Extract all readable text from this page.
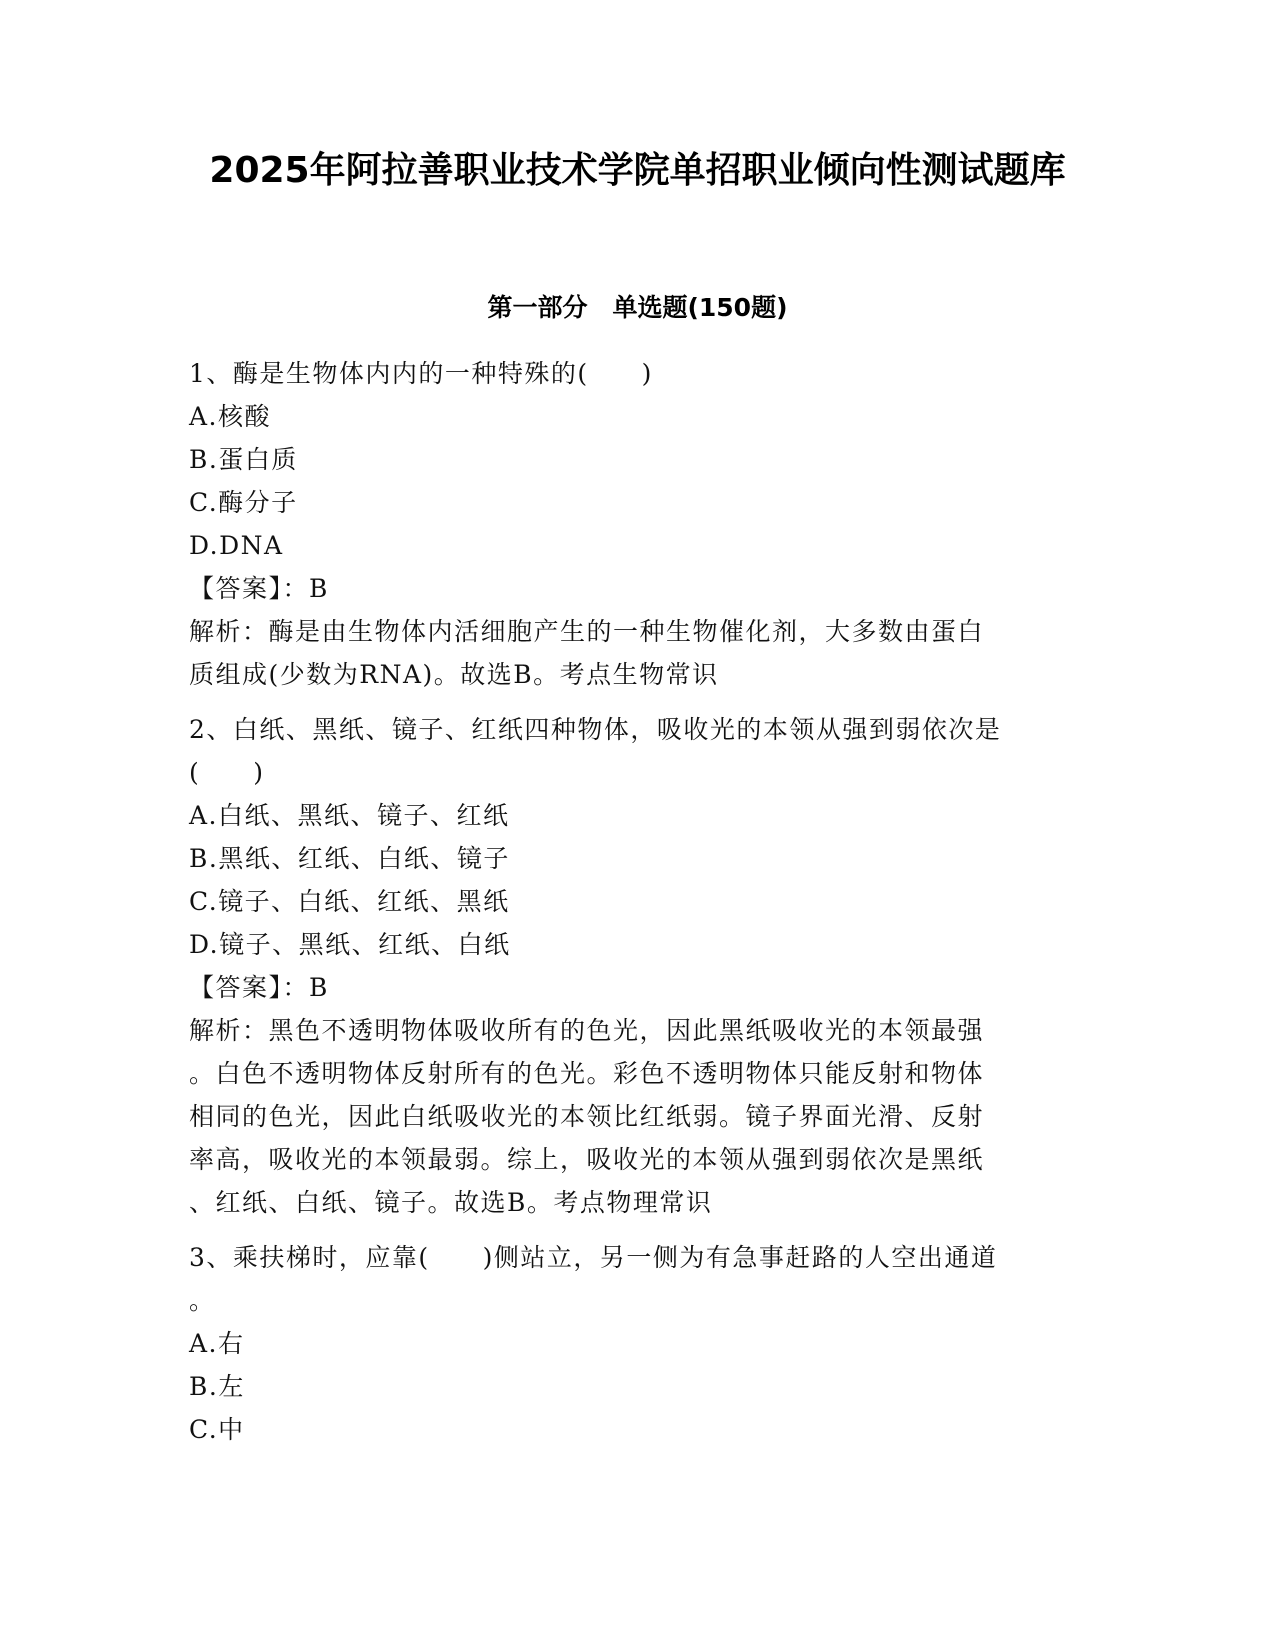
2025年阿拉善职业技术学院单招职业倾向性测试题库
第一部分　单选题(150题)
1、酶是生物体内内的一种特殊的(　　)
A.核酸
B.蛋白质
C.酶分子
D.DNA
【答案】：B
解析：酶是由生物体内活细胞产生的一种生物催化剂，大多数由蛋白
质组成(少数为RNA)。故选B。考点生物常识
2、白纸、黑纸、镜子、红纸四种物体，吸收光的本领从强到弱依次是
(　　)
A.白纸、黑纸、镜子、红纸
B.黑纸、红纸、白纸、镜子
C.镜子、白纸、红纸、黑纸
D.镜子、黑纸、红纸、白纸
【答案】：B
解析：黑色不透明物体吸收所有的色光，因此黑纸吸收光的本领最强
。白色不透明物体反射所有的色光。彩色不透明物体只能反射和物体
相同的色光，因此白纸吸收光的本领比红纸弱。镜子界面光滑、反射
率高，吸收光的本领最弱。综上，吸收光的本领从强到弱依次是黑纸
、红纸、白纸、镜子。故选B。考点物理常识
3、乘扶梯时，应靠(　　)侧站立，另一侧为有急事赶路的人空出通道
。
A.右
B.左
C.中
